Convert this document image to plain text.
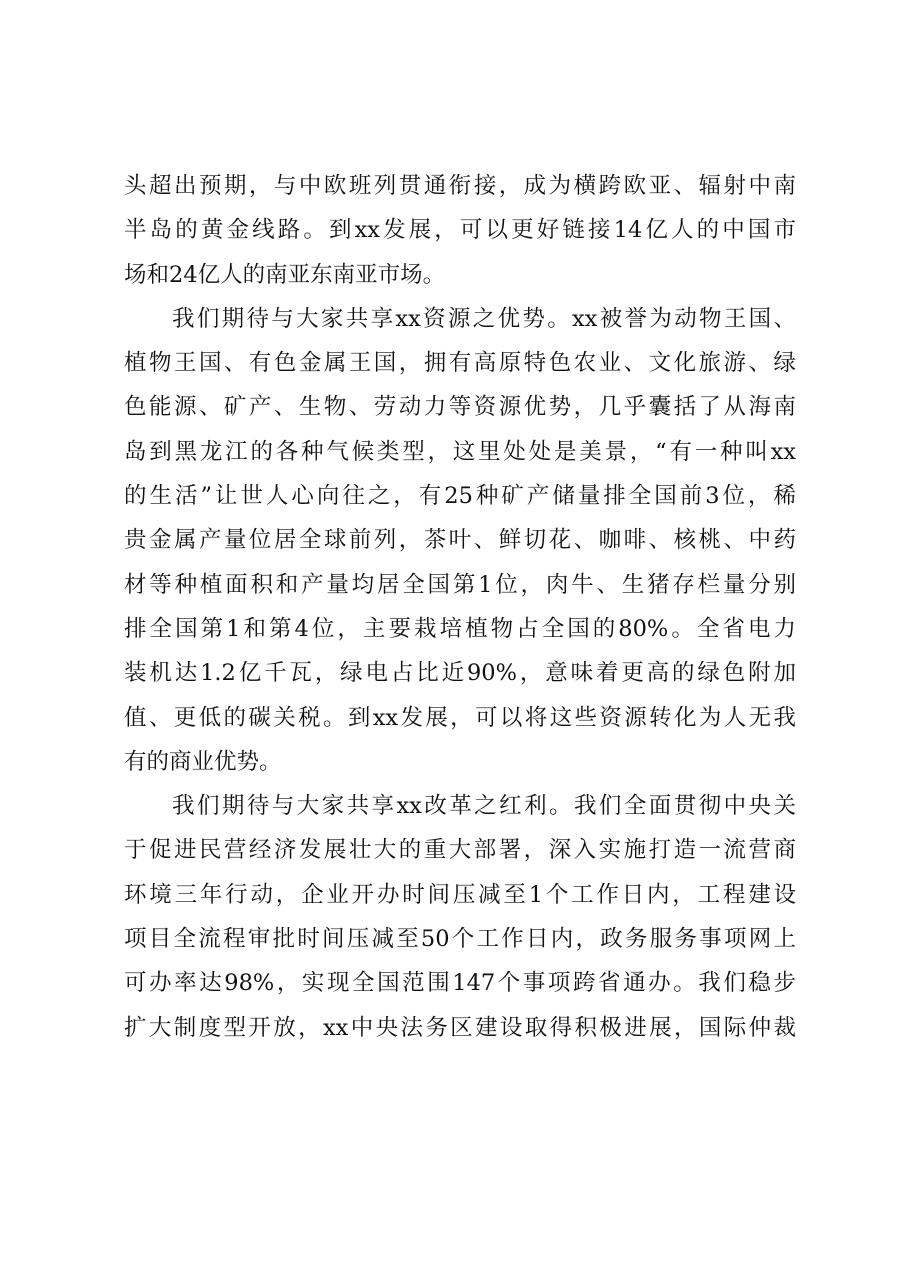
头超出预期，与中欧班列贯通衔接，成为横跨欧亚、辐射中南
半岛的黄金线路。到xx发展，可以更好链接14亿人的中国市
场和24亿人的南亚东南亚市场。
我们期待与大家共享xx资源之优势。xx被誉为动物王国、
植物王国、有色金属王国，拥有高原特色农业、文化旅游、绿
色能源、矿产、生物、劳动力等资源优势，几乎囊括了从海南
岛到黑龙江的各种气候类型，这里处处是美景，“有一种叫xx
的生活”让世人心向往之，有25种矿产储量排全国前3位，稀
贵金属产量位居全球前列，茶叶、鲜切花、咖啡、核桃、中药
材等种植面积和产量均居全国第1位，肉牛、生猪存栏量分别
排全国第1和第4位，主要栽培植物占全国的80%。全省电力
装机达1.2亿千瓦，绿电占比近90%，意味着更高的绿色附加
值、更低的碳关税。到xx发展，可以将这些资源转化为人无我
有的商业优势。
我们期待与大家共享xx改革之红利。我们全面贯彻中央关
于促进民营经济发展壮大的重大部署，深入实施打造一流营商
环境三年行动，企业开办时间压减至1个工作日内，工程建设
项目全流程审批时间压减至50个工作日内，政务服务事项网上
可办率达98%，实现全国范围147个事项跨省通办。我们稳步
扩大制度型开放，xx中央法务区建设取得积极进展，国际仲裁
